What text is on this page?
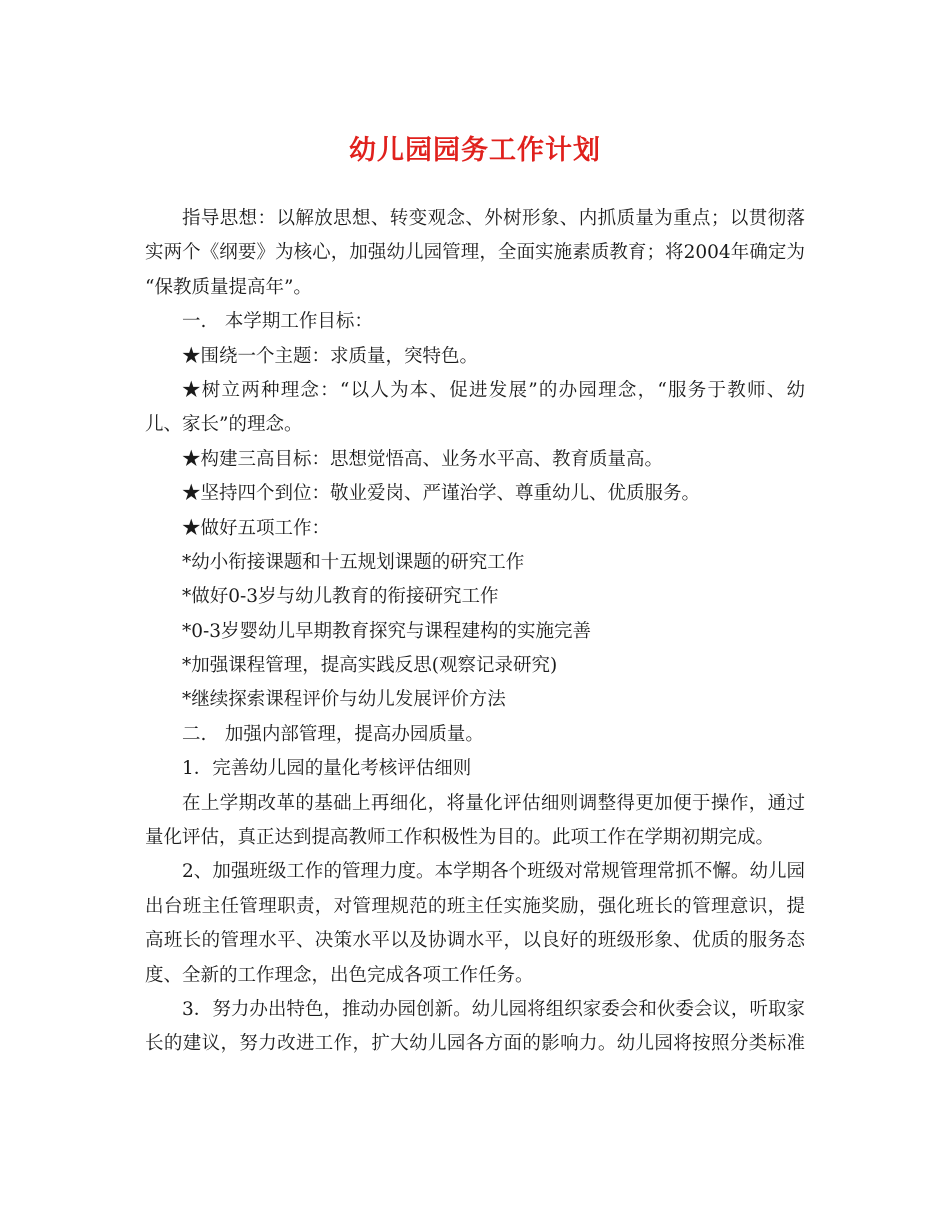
幼儿园园务工作计划
指导思想：以解放思想、转变观念、外树形象、内抓质量为重点；以贯彻落
实两个《纲要》为核心，加强幼儿园管理，全面实施素质教育；将2004年确定为
“保教质量提高年”。
一.　本学期工作目标：
★围绕一个主题：求质量，突特色。
★树立两种理念：“以人为本、促进发展”的办园理念，“服务于教师、幼
儿、家长”的理念。
★构建三高目标：思想觉悟高、业务水平高、教育质量高。
★坚持四个到位：敬业爱岗、严谨治学、尊重幼儿、优质服务。
★做好五项工作：
*幼小衔接课题和十五规划课题的研究工作
*做好0-3岁与幼儿教育的衔接研究工作
*0-3岁婴幼儿早期教育探究与课程建构的实施完善
*加强课程管理，提高实践反思(观察记录研究)
*继续探索课程评价与幼儿发展评价方法
二.　加强内部管理，提高办园质量。
1．完善幼儿园的量化考核评估细则
在上学期改革的基础上再细化，将量化评估细则调整得更加便于操作，通过
量化评估，真正达到提高教师工作积极性为目的。此项工作在学期初期完成。
2、加强班级工作的管理力度。本学期各个班级对常规管理常抓不懈。幼儿园
出台班主任管理职责，对管理规范的班主任实施奖励，强化班长的管理意识，提
高班长的管理水平、决策水平以及协调水平，以良好的班级形象、优质的服务态
度、全新的工作理念，出色完成各项工作任务。
3．努力办出特色，推动办园创新。幼儿园将组织家委会和伙委会议，听取家
长的建议，努力改进工作，扩大幼儿园各方面的影响力。幼儿园将按照分类标准
